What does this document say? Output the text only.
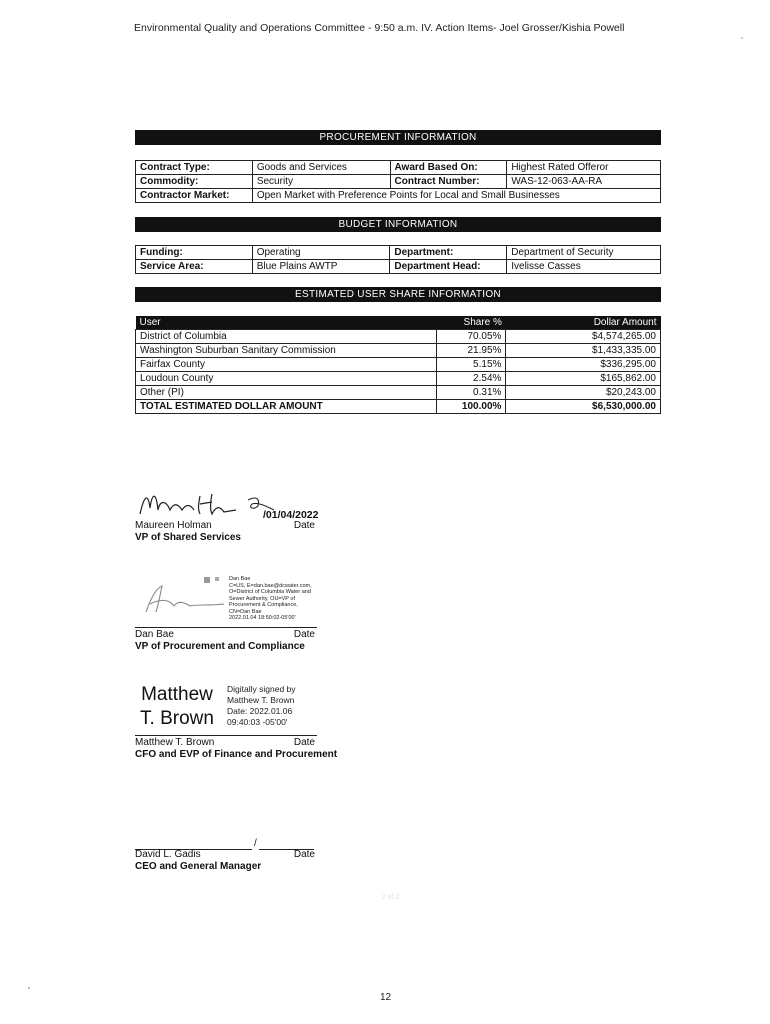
Environmental Quality and Operations Committee - 9:50 a.m. IV. Action Items- Joel Grosser/Kishia Powell
PROCUREMENT INFORMATION
Contract Type:	Goods and Services	Award Based On:	Highest Rated Offeror
Commodity:	Security	Contract Number:	WAS-12-063-AA-RA
Contractor Market:	Open Market with Preference Points for Local and Small Businesses		
BUDGET INFORMATION
Funding:	Operating	Department:	Department of Security
Service Area:	Blue Plains AWTP	Department Head:	Ivelisse Casses
ESTIMATED USER SHARE INFORMATION
User	Share %	Dollar Amount
District of Columbia	70.05%	$4,574,265.00
Washington Suburban Sanitary Commission	21.95%	$1,433,335.00
Fairfax County	5.15%	$336,295.00
Loudoun County	2.54%	$165,862.00
Other (PI)	0.31%	$20,243.00
TOTAL ESTIMATED DOLLAR AMOUNT	100.00%	$6,530,000.00
/01/04/2022
Maureen Holman	Date
VP of Shared Services
Dan Bae
C=US, E=dan.bae@dcwater.com,
O=District of Columbia Water and
Sewer Authority, OU=VP of
Procurement & Compliance,
CN=Dan Bae
2022.01.04 18:50:02-05'00'
Dan Bae	Date
VP of Procurement and Compliance
Matthew
T. Brown
Digitally signed by
Matthew T. Brown
Date: 2022.01.06
09:40:03 -05'00'
Matthew T. Brown	Date
CFO and EVP of Finance and Procurement
/
David L. Gadis	Date
CEO and General Manager
2 of 2
12
